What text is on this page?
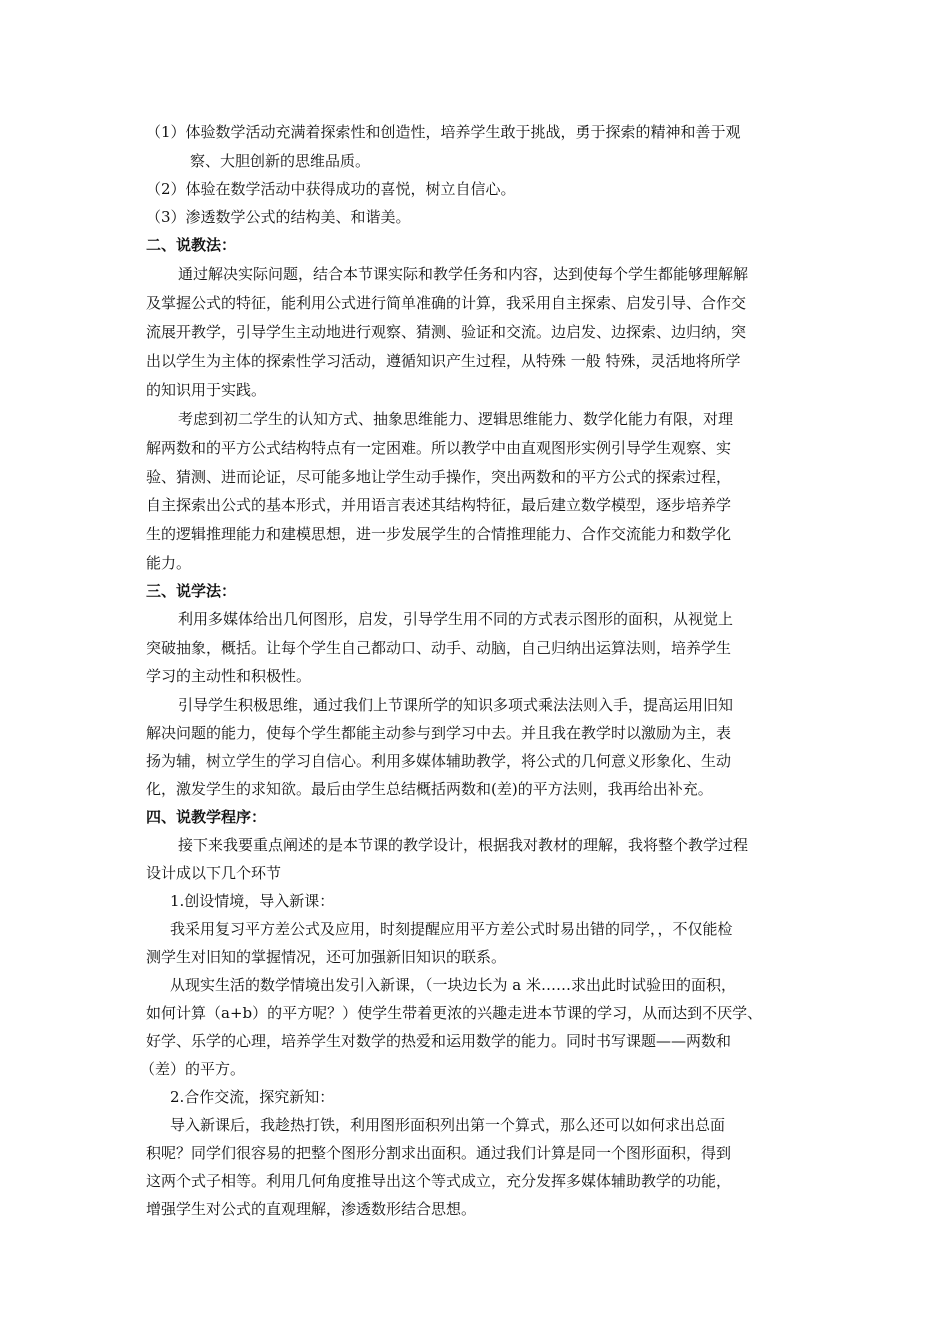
（1）体验数学活动充满着探索性和创造性，培养学生敢于挑战，勇于探索的精神和善于观
察、大胆创新的思维品质。
（2）体验在数学活动中获得成功的喜悦，树立自信心。
（3）渗透数学公式的结构美、和谐美。
二、说教法：
通过解决实际问题，结合本节课实际和教学任务和内容，达到使每个学生都能够理解解
及掌握公式的特征，能利用公式进行简单准确的计算，我采用自主探索、启发引导、合作交
流展开教学，引导学生主动地进行观察、猜测、验证和交流。边启发、边探索、边归纳，突
出以学生为主体的探索性学习活动，遵循知识产生过程，从特殊 一般 特殊，灵活地将所学
的知识用于实践。
考虑到初二学生的认知方式、抽象思维能力、逻辑思维能力、数学化能力有限，对理
解两数和的平方公式结构特点有一定困难。所以教学中由直观图形实例引导学生观察、实
验、猜测、进而论证，尽可能多地让学生动手操作，突出两数和的平方公式的探索过程，
自主探索出公式的基本形式，并用语言表述其结构特征，最后建立数学模型，逐步培养学
生的逻辑推理能力和建模思想，进一步发展学生的合情推理能力、合作交流能力和数学化
能力。
三、说学法：
利用多媒体给出几何图形，启发，引导学生用不同的方式表示图形的面积，从视觉上
突破抽象，概括。让每个学生自己都动口、动手、动脑，自己归纳出运算法则，培养学生
学习的主动性和积极性。
引导学生积极思维，通过我们上节课所学的知识多项式乘法法则入手，提高运用旧知
解决问题的能力，使每个学生都能主动参与到学习中去。并且我在教学时以激励为主，表
扬为辅，树立学生的学习自信心。利用多媒体辅助教学，将公式的几何意义形象化、生动
化，激发学生的求知欲。最后由学生总结概括两数和(差)的平方法则，我再给出补充。
四、说教学程序：
接下来我要重点阐述的是本节课的教学设计，根据我对教材的理解，我将整个教学过程
设计成以下几个环节
1.创设情境，导入新课：
我采用复习平方差公式及应用，时刻提醒应用平方差公式时易出错的同学，，不仅能检
测学生对旧知的掌握情况，还可加强新旧知识的联系。
从现实生活的数学情境出发引入新课，（一块边长为 a 米……求出此时试验田的面积，
如何计算（a+b）的平方呢？）使学生带着更浓的兴趣走进本节课的学习，从而达到不厌学、
好学、乐学的心理，培养学生对数学的热爱和运用数学的能力。同时书写课题——两数和
（差）的平方。
2.合作交流，探究新知：
导入新课后，我趁热打铁，利用图形面积列出第一个算式，那么还可以如何求出总面
积呢？同学们很容易的把整个图形分割求出面积。通过我们计算是同一个图形面积，得到
这两个式子相等。利用几何角度推导出这个等式成立，充分发挥多媒体辅助教学的功能，
增强学生对公式的直观理解，渗透数形结合思想。
